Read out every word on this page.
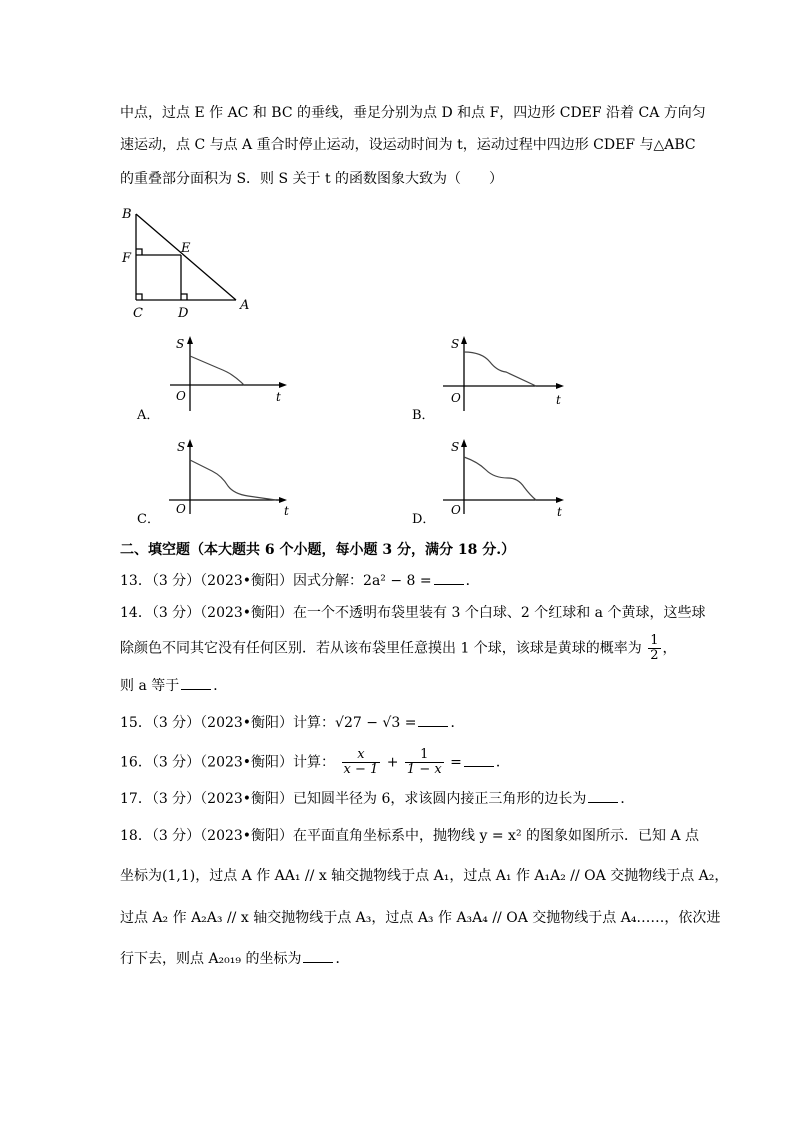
中点，过点 E 作 AC 和 BC 的垂线，垂足分别为点 D 和点 F，四边形 CDEF 沿着 CA 方向匀
速运动，点 C 与点 A 重合时停止运动，设运动时间为 t，运动过程中四边形 CDEF 与△ABC
的重叠部分面积为 S．则 S 关于 t 的函数图象大致为（　　）
B
F
E
C	D
A
S
O	t
S
O	t
S
O	t
S
O	t
A．	B．
C．	D．
二、填空题（本大题共 6 个小题，每小题 3 分，满分 18 分.）
13．（3 分）（2023•衡阳）因式分解：2a² − 8 = ．
14．（3 分）（2023•衡阳）在一个不透明布袋里装有 3 个白球、2 个红球和 a 个黄球，这些球
除颜色不同其它没有任何区别．若从该布袋里任意摸出 1 个球，该球是黄球的概率为 $\frac{1}{2}$ ，
则 a 等于 ．
15．（3 分）（2023•衡阳）计算：√27 − √3 = ．
16．（3 分）（2023•衡阳）计算： $\frac{x}{x - 1} + \frac{1}{1 - x}$ = ．
17．（3 分）（2023•衡阳）已知圆半径为 6，求该圆内接正三角形的边长为 ．
18．（3 分）（2023•衡阳）在平面直角坐标系中，抛物线 y = x² 的图象如图所示．已知 A 点
坐标为(1,1)，过点 A 作 AA₁ // x 轴交抛物线于点 A₁，过点 A₁ 作 A₁A₂ // OA 交抛物线于点 A₂，
过点 A₂ 作 A₂A₃ // x 轴交抛物线于点 A₃，过点 A₃ 作 A₃A₄ // OA 交抛物线于点 A₄……，依次进
行下去，则点 A₂₀₁₉ 的坐标为 ．
